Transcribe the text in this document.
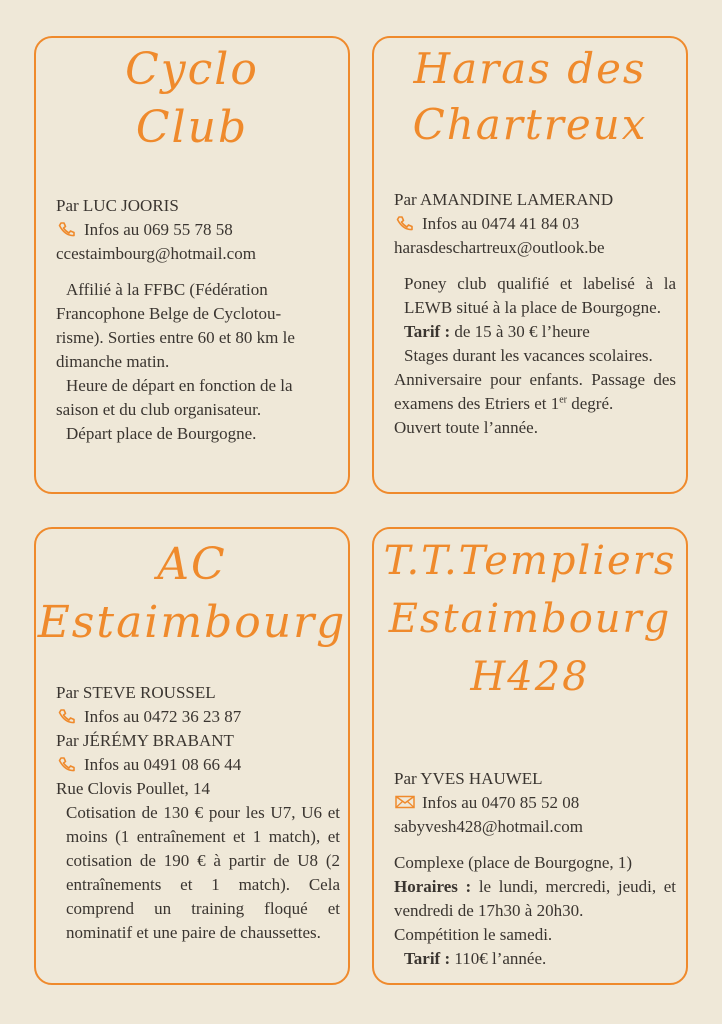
Cyclo
Club
Par LUC JOORIS
Infos au 069 55 78 58
ccestaimbourg@hotmail.com
Affilié à la FFBC (Fédération
Francophone Belge de Cyclotou-
risme). Sorties entre 60 et 80 km le
dimanche matin.
Heure de départ en fonction de la
saison et du club organisateur.
Départ place de Bourgogne.
Haras des
Chartreux
Par AMANDINE LAMERAND
Infos au 0474 41 84 03
harasdeschartreux@outlook.be
Poney club qualifié et labelisé à la LEWB situé à la place de Bourgogne.
Tarif : de 15 à 30 € l’heure
Stages durant les vacances scolaires.
Anniversaire pour enfants. Passage des examens des Etriers et 1er degré.
Ouvert toute l’année.
AC
Estaimbourg
Par STEVE ROUSSEL
Infos au 0472 36 23 87
Par JÉRÉMY BRABANT
Infos au 0491 08 66 44
Rue Clovis Poullet, 14
Cotisation de 130 € pour les U7, U6 et moins (1 entraînement et 1 match), et cotisation de 190 € à partir de U8 (2 entraînements et 1 match). Cela comprend un training floqué et nominatif et une paire de chaussettes.
T.T.Templiers
Estaimbourg
H428
Par YVES HAUWEL
Infos au 0470 85 52 08
sabyvesh428@hotmail.com
Complexe (place de Bourgogne, 1)
Horaires : le lundi, mercredi, jeudi, et vendredi de 17h30 à 20h30.
Compétition le samedi.
Tarif : 110€ l’année.
